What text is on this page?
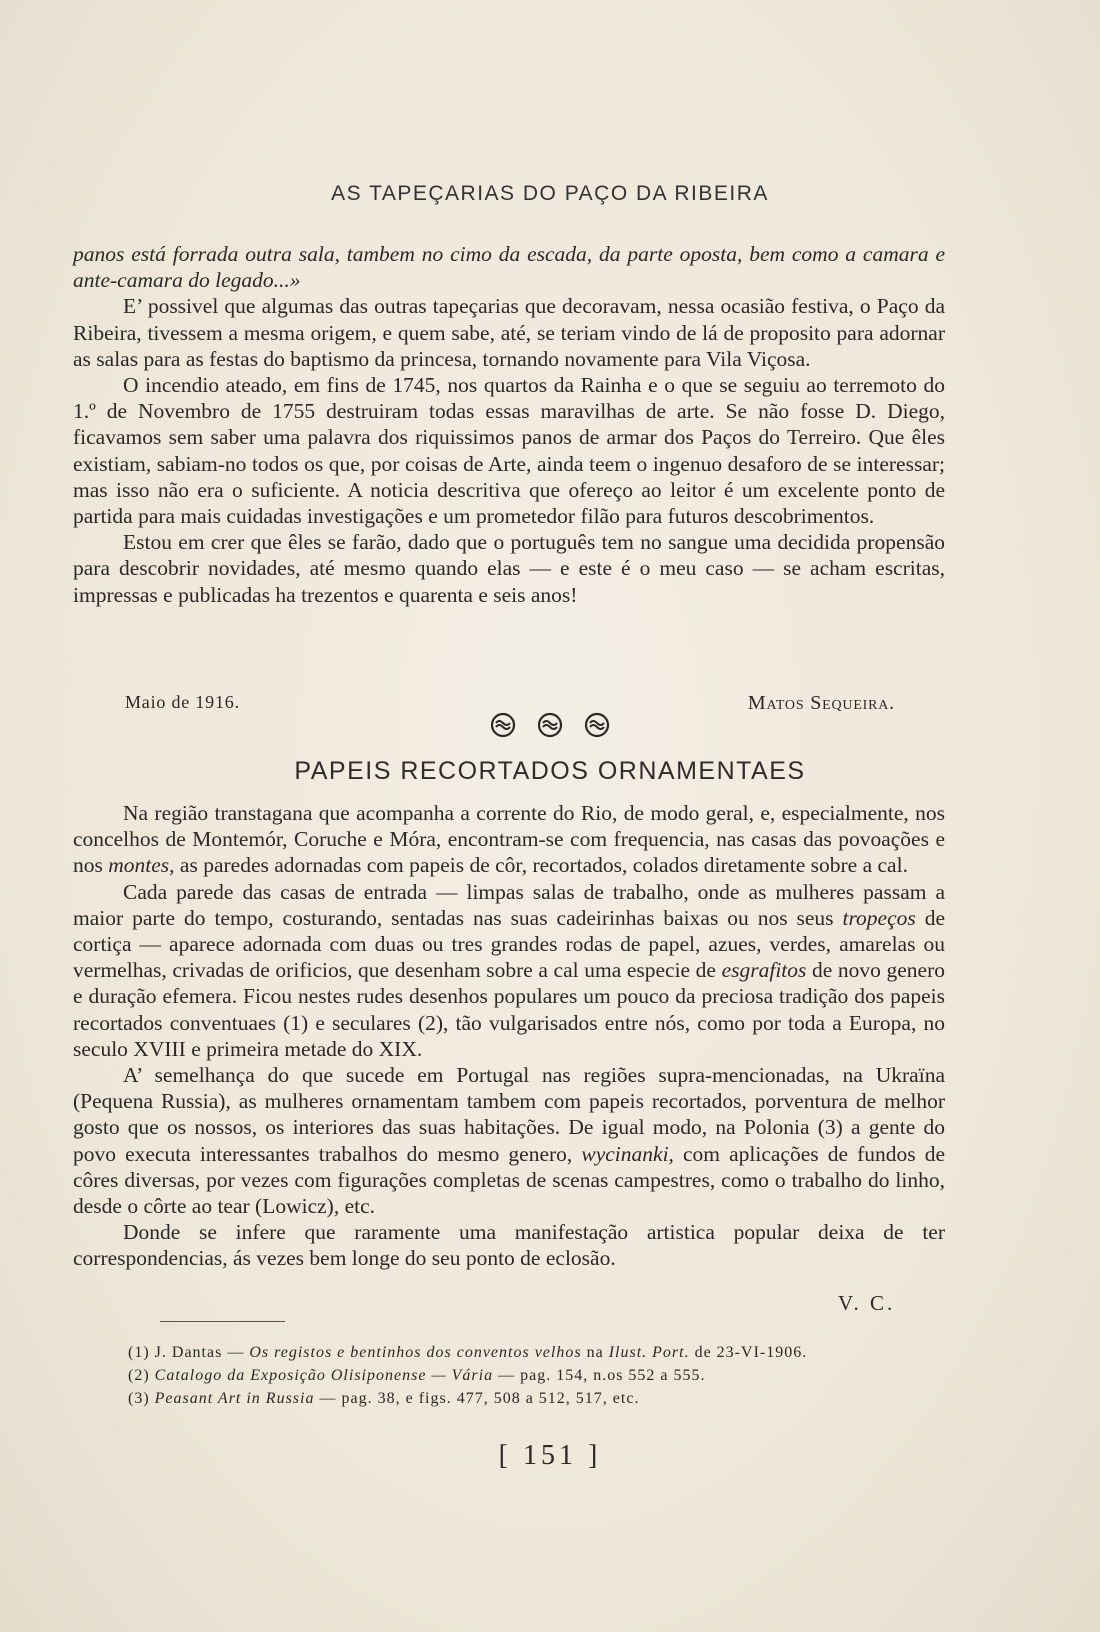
AS TAPEÇARIAS DO PAÇO DA RIBEIRA

panos está forrada outra sala, tambem no cimo da escada, da parte oposta, bem como a camara e ante-camara do legado...»

E’ possivel que algumas das outras tapeçarias que decoravam, nessa ocasião festiva, o Paço da Ribeira, tivessem a mesma origem, e quem sabe, até, se teriam vindo de lá de proposito para adornar as salas para as festas do baptismo da princesa, tornando novamente para Vila Viçosa.

O incendio ateado, em fins de 1745, nos quartos da Rainha e o que se seguiu ao terremoto do 1.º de Novembro de 1755 destruiram todas essas maravilhas de arte. Se não fosse D. Diego, ficavamos sem saber uma palavra dos riquissimos panos de armar dos Paços do Terreiro. Que êles existiam, sabiam-no todos os que, por coisas de Arte, ainda teem o ingenuo desaforo de se interessar; mas isso não era o suficiente. A noticia descritiva que ofereço ao leitor é um excelente ponto de partida para mais cuidadas investigações e um prometedor filão para futuros descobrimentos.

Estou em crer que êles se farão, dado que o português tem no sangue uma decidida propensão para descobrir novidades, até mesmo quando elas — e este é o meu caso — se acham escritas, impressas e publicadas ha trezentos e quarenta e seis anos!

Maio de 1916.	Matos Sequeira.

PAPEIS RECORTADOS ORNAMENTAES

Na região transtagana que acompanha a corrente do Rio, de modo geral, e, especialmente, nos concelhos de Montemór, Coruche e Móra, encontram-se com frequencia, nas casas das povoações e nos montes, as paredes adornadas com papeis de côr, recortados, colados diretamente sobre a cal.

Cada parede das casas de entrada — limpas salas de trabalho, onde as mulheres passam a maior parte do tempo, costurando, sentadas nas suas cadeirinhas baixas ou nos seus tropeços de cortiça — aparece adornada com duas ou tres grandes rodas de papel, azues, verdes, amarelas ou vermelhas, crivadas de orificios, que desenham sobre a cal uma especie de esgrafitos de novo genero e duração efemera. Ficou nestes rudes desenhos populares um pouco da preciosa tradição dos papeis recortados conventuaes (1) e seculares (2), tão vulgarisados entre nós, como por toda a Europa, no seculo XVIII e primeira metade do XIX.

A’ semelhança do que sucede em Portugal nas regiões supra-mencionadas, na Ukraïna (Pequena Russia), as mulheres ornamentam tambem com papeis recortados, porventura de melhor gosto que os nossos, os interiores das suas habitações. De igual modo, na Polonia (3) a gente do povo executa interessantes trabalhos do mesmo genero, wycinanki, com aplicações de fundos de côres diversas, por vezes com figurações completas de scenas campestres, como o trabalho do linho, desde o côrte ao tear (Lowicz), etc.

Donde se infere que raramente uma manifestação artistica popular deixa de ter correspondencias, ás vezes bem longe do seu ponto de eclosão.

V. C.
(1) J. Dantas — Os registos e bentinhos dos conventos velhos na Ilust. Port. de 23-VI-1906.
(2) Catalogo da Exposição Olisiponense — Vária — pag. 154, n.os 552 a 555.
(3) Peasant Art in Russia — pag. 38, e figs. 477, 508 a 512, 517, etc.
[ 151 ]
